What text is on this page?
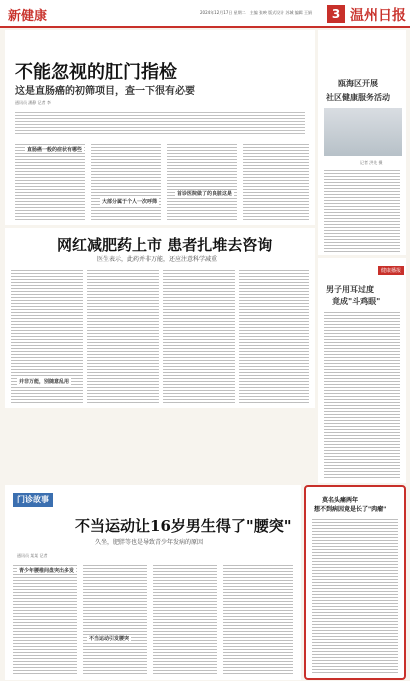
新健康	2024年12月17日 星期二　主编 张映 版式设计 苏城 编辑 王娟	3 温州日报
不能忽视的肛门指检
这是直肠癌的初筛项目，查一下很有必要
通讯员 潘静 记者 李
直肠癌一般的症状有哪些
大部分属于个人一次呼筛
首诊医院做了的良脏这是
瓯海区开展
社区健康服务活动
记者 洪先 摄
健康播报
男子用耳过度
竟成"斗鸡眼"
网红减肥药上市 患者扎堆去咨询
医生表示，此药并非万能，还应注意科学减重
并非万能，别随意乱用
门诊故事
不当运动让16岁男生得了"腰突"
久坐，肥胖等也是导致青少年发病的原因
通讯员 某某 记者
青少年腰椎间盘突出多发
不当运动引发腰突
莫名头痛两年
想不到病因竟是长了"肉瘤"
